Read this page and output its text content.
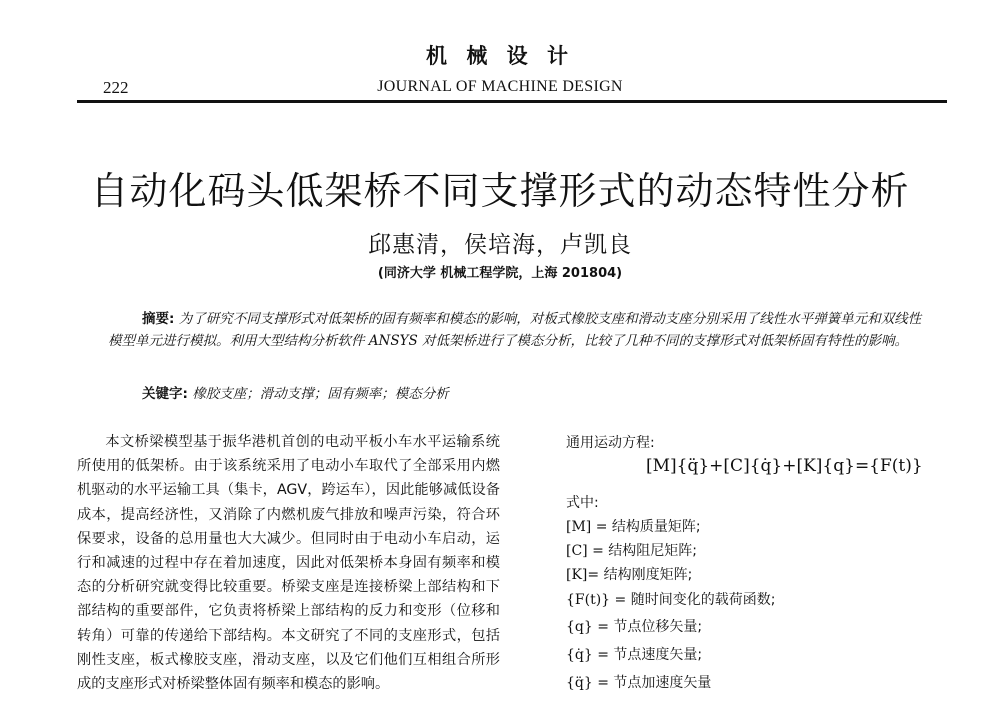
机 械 设 计
222	JOURNAL OF MACHINE DESIGN
自动化码头低架桥不同支撑形式的动态特性分析
邱惠清，侯培海，卢凯良
(同济大学 机械工程学院，上海 201804)
摘要: 为了研究不同支撑形式对低架桥的固有频率和模态的影响，对板式橡胶支座和滑动支座分别采用了线性水平弹簧单元和双线性模型单元进行模拟。利用大型结构分析软件 ANSYS 对低架桥进行了模态分析，比较了几种不同的支撑形式对低架桥固有特性的影响。
关键字: 橡胶支座；滑动支撑；固有频率；模态分析

本文桥梁模型基于振华港机首创的电动平板小车水平运输系统所使用的低架桥。由于该系统采用了电动小车取代了全部采用内燃机驱动的水平运输工具（集卡，AGV，跨运车），因此能够减低设备成本，提高经济性，又消除了内燃机废气排放和噪声污染，符合环保要求，设备的总用量也大大减少。但同时由于电动小车启动，运行和减速的过程中存在着加速度，因此对低架桥本身固有频率和模态的分析研究就变得比较重要。桥梁支座是连接桥梁上部结构和下部结构的重要部件，它负责将桥梁上部结构的反力和变形（位移和转角）可靠的传递给下部结构。本文研究了不同的支座形式，包括刚性支座，板式橡胶支座，滑动支座，以及它们他们互相组合所形成的支座形式对桥梁整体固有频率和模态的影响。

通用运动方程:
[M]{q̈}+[C]{q̇}+[K]{q}={F(t)}
式中:
[M] = 结构质量矩阵;
[C] = 结构阻尼矩阵;
[K]= 结构刚度矩阵;
{F(t)} = 随时间变化的载荷函数;
{q} = 节点位移矢量;
{q̇} = 节点速度矢量;
{q̈} = 节点加速度矢量
